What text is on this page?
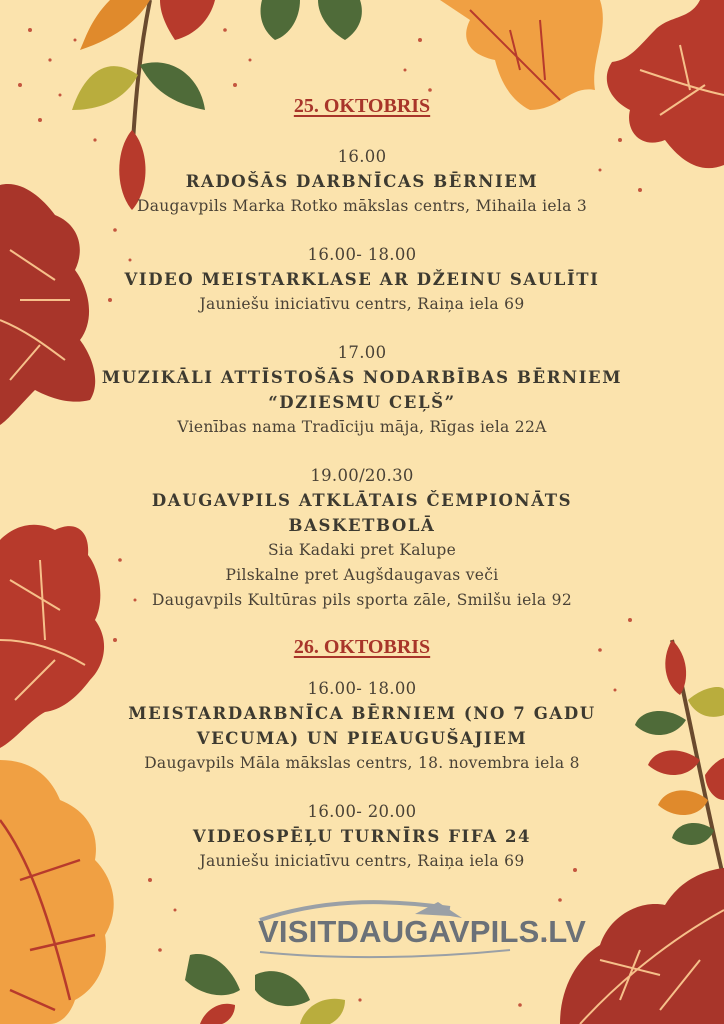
25. OKTOBRIS
16.00
RADOŠĀS DARBNĪCAS BĒRNIEM
Daugavpils Marka Rotko mākslas centrs, Mihaila iela 3
16.00- 18.00
VIDEO MEISTARKLASE AR DŽEINU SAULĪTI
Jauniešu iniciatīvu centrs, Raiņa iela 69
17.00
MUZIKĀLI ATTĪSTOŠĀS NODARBĪBAS BĒRNIEM
“DZIESMU CEĻŠ”
Vienības nama Tradīciju māja, Rīgas iela 22A
19.00/20.30
DAUGAVPILS ATKLĀTAIS ČEMPIONĀTS
BASKETBOLĀ
Sia Kadaki pret Kalupe
Pilskalne pret Augšdaugavas veči
Daugavpils Kultūras pils sporta zāle, Smilšu iela 92
26. OKTOBRIS
16.00- 18.00
MEISTARDARBNĪCA BĒRNIEM (NO 7 GADU
VECUMA) UN PIEAUGUŠAJIEM
Daugavpils Māla mākslas centrs, 18. novembra iela 8
16.00- 20.00
VIDEOSPĒĻU TURNĪRS FIFA 24
Jauniešu iniciatīvu centrs, Raiņa iela 69
VISITDAUGAVPILS.LV
